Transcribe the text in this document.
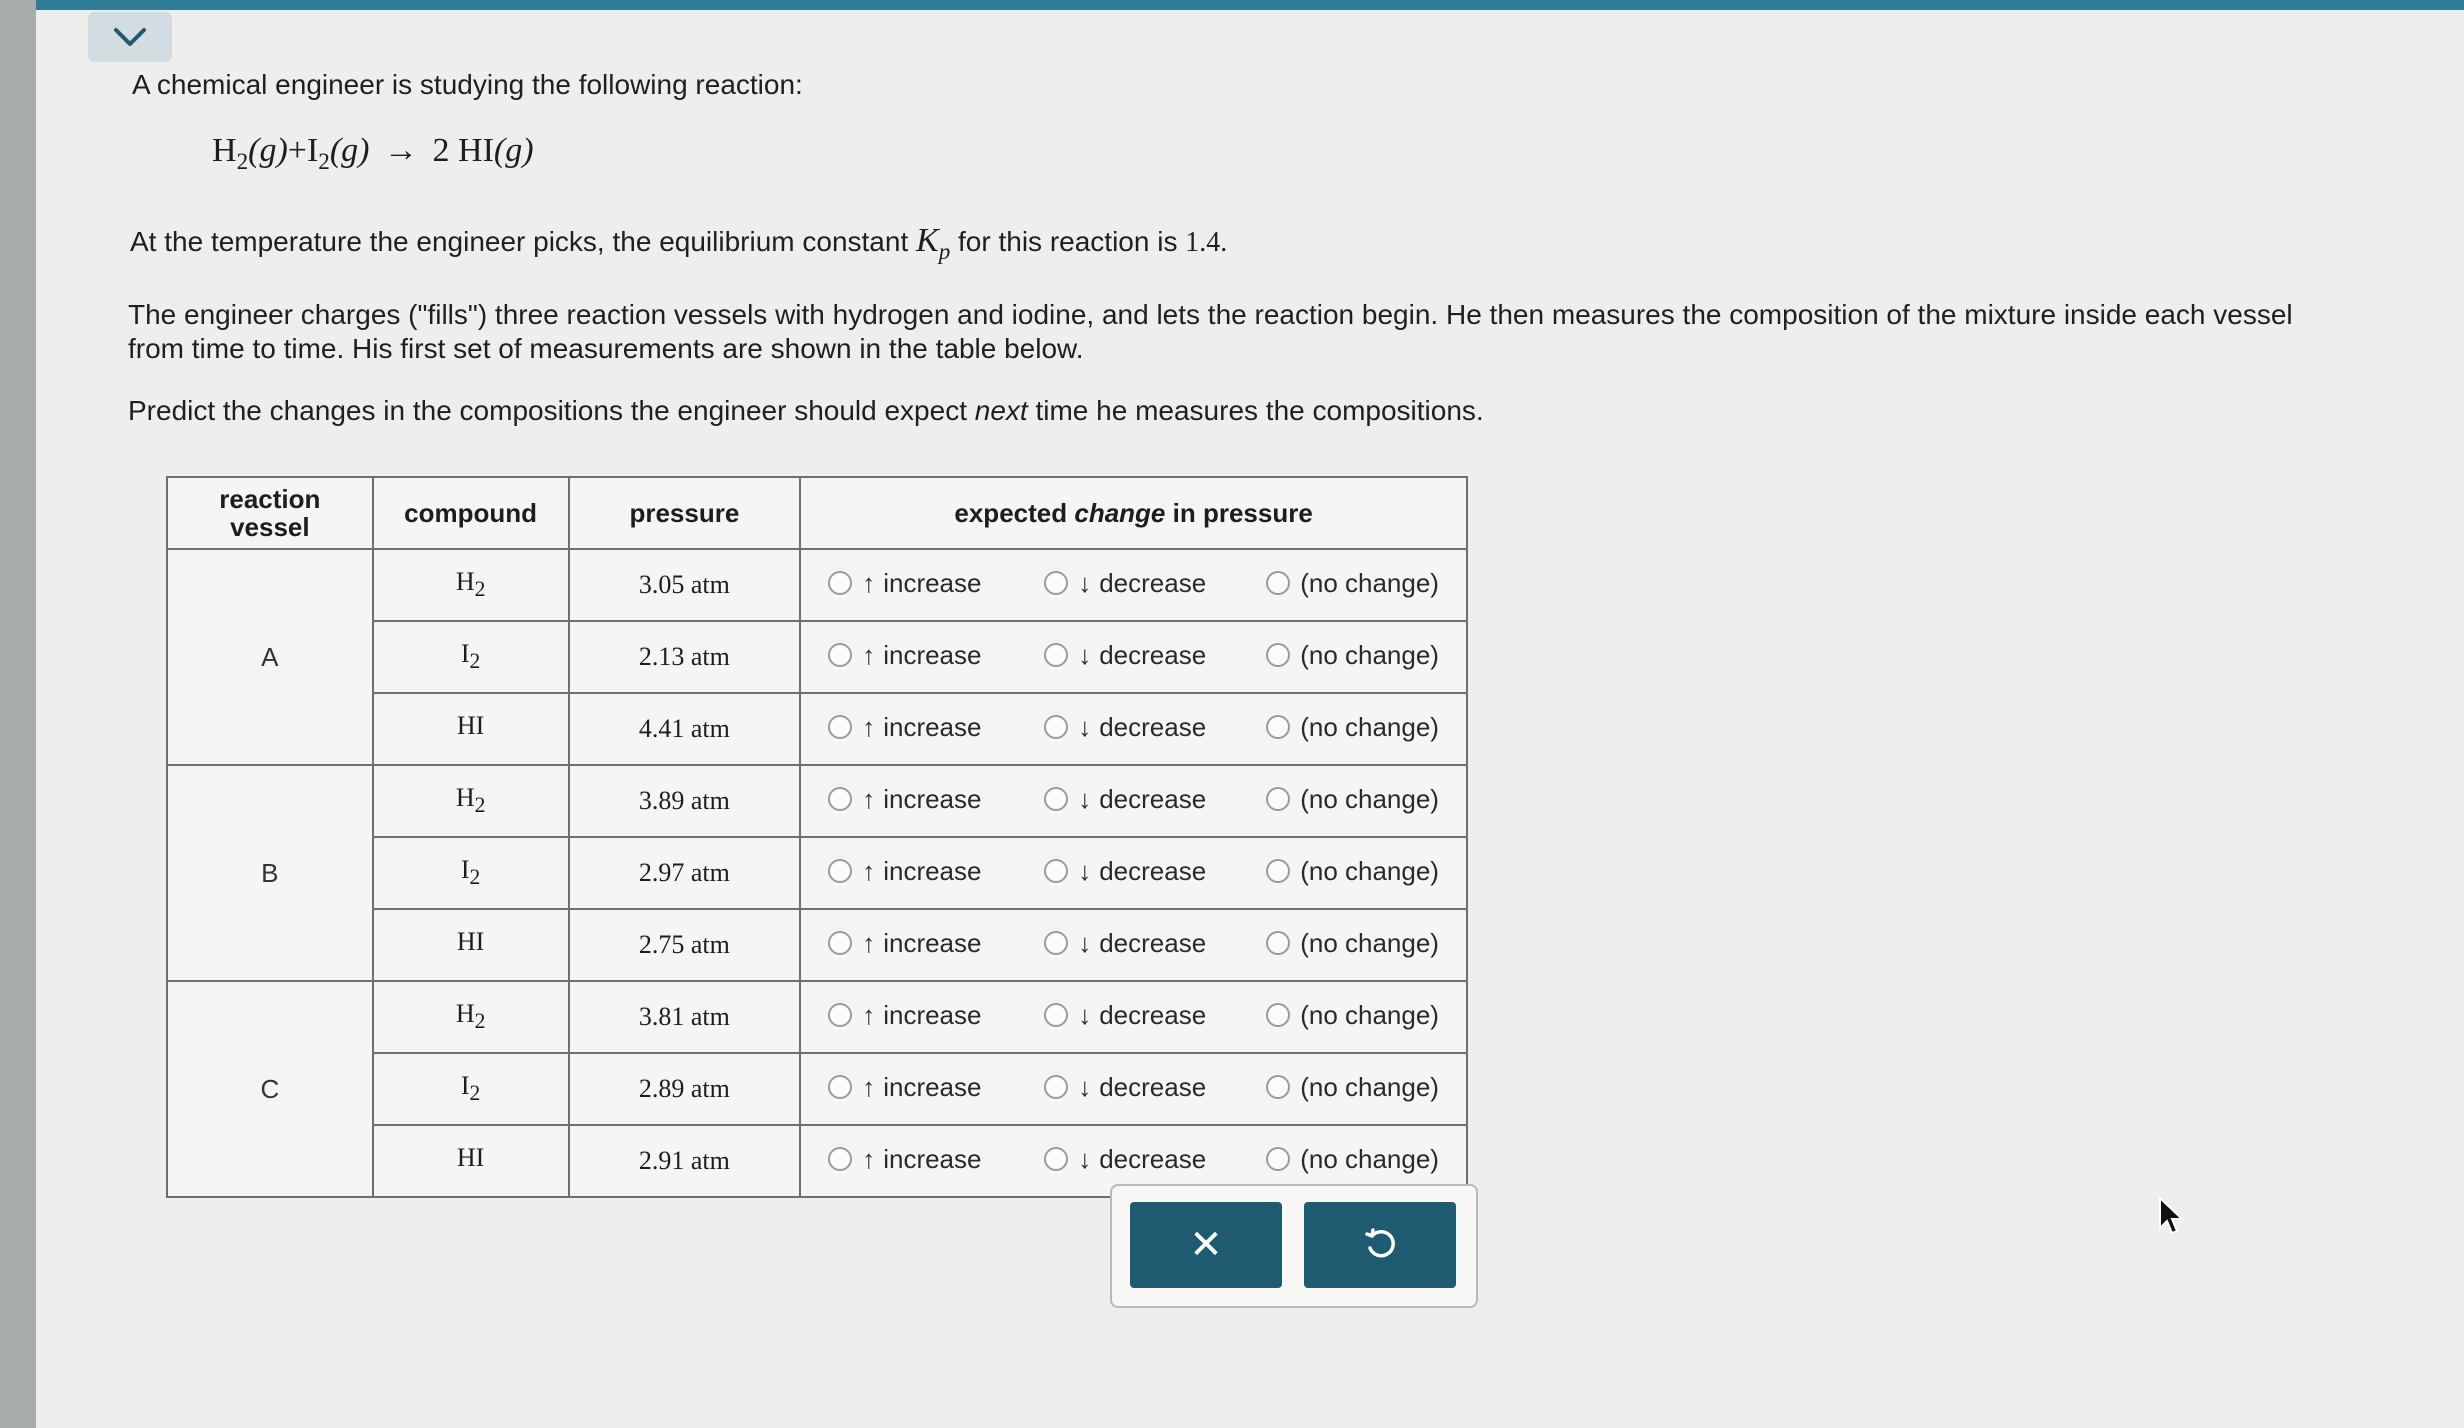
A chemical engineer is studying the following reaction:
$H_2(g)+I_2(g) \to 2$ HI(g)
At the temperature the engineer picks, the equilibrium constant $K_p$ for this reaction is 1.4.
The engineer charges ("fills") three reaction vessels with hydrogen and iodine, and lets the reaction begin. He then measures the composition of the mixture inside each vessel from time to time. His first set of measurements are shown in the table below.
Predict the changes in the compositions the engineer should expect next time he measures the compositions.
reaction
vessel	compound	pressure	expected change in pressure
A	$H_2$	3.05 atm	↑ increase ↓ decrease (no change)

	$I_2$	2.13 atm	↑ increase ↓ decrease (no change)

	HI	4.41 atm	↑ increase ↓ decrease (no change)

B	$H_2$	3.89 atm	↑ increase ↓ decrease (no change)

	$I_2$	2.97 atm	↑ increase ↓ decrease (no change)

	HI	2.75 atm	↑ increase ↓ decrease (no change)

C	$H_2$	3.81 atm	↑ increase ↓ decrease (no change)

	$I_2$	2.89 atm	↑ increase ↓ decrease (no change)

	HI	2.91 atm	↑ increase ↓ decrease (no change)
✕
